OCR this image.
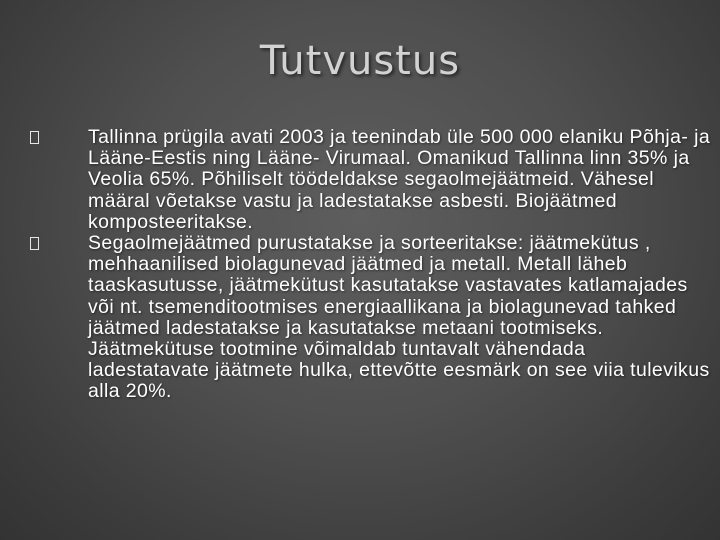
Tutvustus
Tallinna prügila avati 2003 ja teenindab üle 500 000 elaniku Põhja- ja Lääne-Eestis ning Lääne- Virumaal. Omanikud Tallinna linn 35% ja Veolia 65%. Põhiliselt töödeldakse segaolmejäätmeid. Vähesel määral võetakse vastu ja ladestatakse asbesti. Biojäätmed komposteeritakse.
Segaolmejäätmed purustatakse ja sorteeritakse: jäätmekütus , mehhaanilised biolagunevad jäätmed ja metall. Metall läheb taaskasutusse, jäätmekütust kasutatakse vastavates katlamajades või nt. tsemenditootmises energiaallikana ja biolagunevad tahked jäätmed ladestatakse ja kasutatakse metaani tootmiseks. Jäätmekütuse tootmine võimaldab tuntavalt vähendada ladestatavate jäätmete hulka, ettevõtte eesmärk on see viia tulevikus alla 20%.
